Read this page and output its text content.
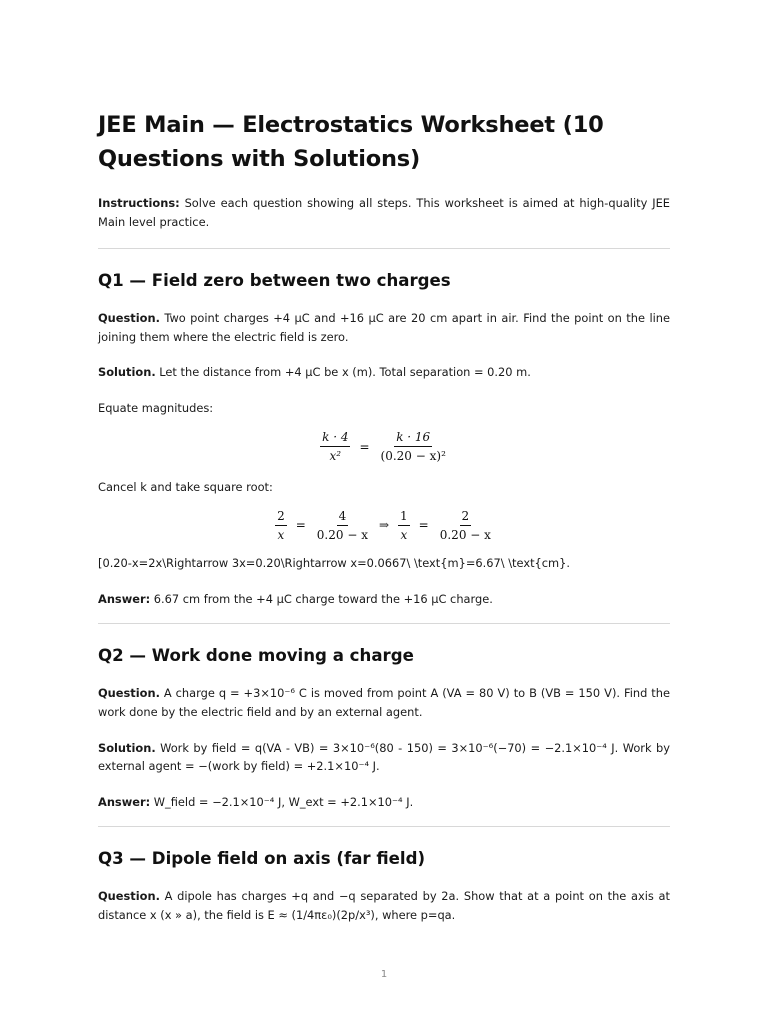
JEE Main — Electrostatics Worksheet (10 Questions with Solutions)

Instructions: Solve each question showing all steps. This worksheet is aimed at high-quality JEE Main level practice.

Q1 — Field zero between two charges

Question. Two point charges +4 μC and +16 μC are 20 cm apart in air. Find the point on the line joining them where the electric field is zero.

Solution. Let the distance from +4 μC be x (m). Total separation = 0.20 m.

Equate magnitudes:

$\frac{k \cdot 4}{\text{x²}} = \frac{k \cdot 16}{\text{(0.20 − x)²}}$

Cancel k and take square root:

$\frac{2}{x} = \frac{4}{0.20 - x}$ ⇒ $\frac{1}{x} = \frac{2}{0.20 - x}$

[0.20-x=2x\Rightarrow 3x=0.20\Rightarrow x=0.0667\ \text{m}=6.67\ \text{cm}.

Answer: 6.67 cm from the +4 μC charge toward the +16 μC charge.

Q2 — Work done moving a charge

Question. A charge q = +3×10⁻⁶ C is moved from point A (VA = 80 V) to B (VB = 150 V). Find the work done by the electric field and by an external agent.

Solution. Work by field = q(VA - VB) = 3×10⁻⁶(80 - 150) = 3×10⁻⁶(−70) = −2.1×10⁻⁴ J. Work by external agent = −(work by field) = +2.1×10⁻⁴ J.

Answer: W_field = −2.1×10⁻⁴ J, W_ext = +2.1×10⁻⁴ J.

Q3 — Dipole field on axis (far field)

Question. A dipole has charges +q and −q separated by 2a. Show that at a point on the axis at distance x (x » a), the field is E ≈ (1/4πε₀)(2p/x³), where p=qa.

1
